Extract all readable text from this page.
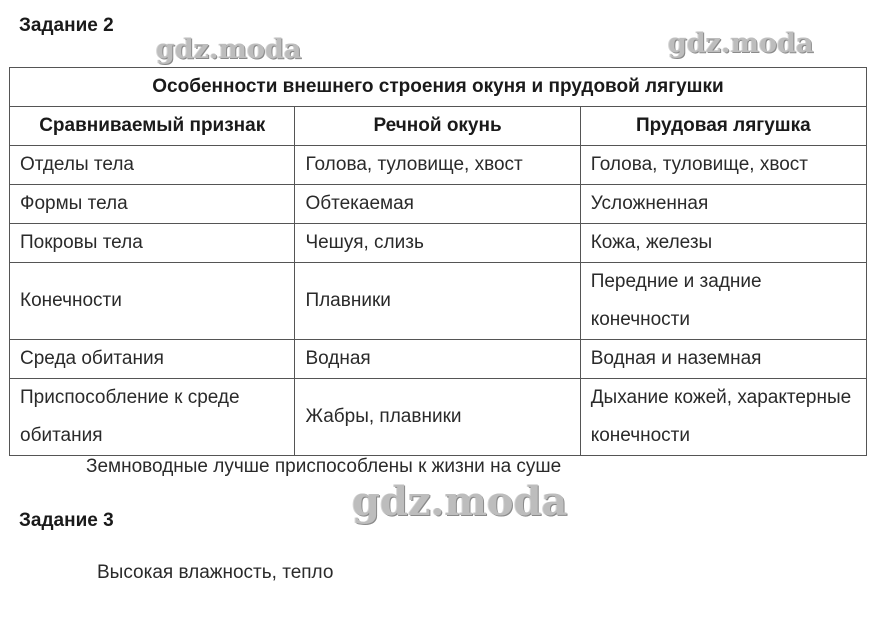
Задание 2
gdz.moda	gdz.moda
Особенности внешнего строения окуня и прудовой лягушки		
Сравниваемый признак	Речной окунь	Прудовая лягушка
Отделы тела	Голова, туловище, хвост	Голова, туловище, хвост
Формы тела	Обтекаемая	Усложненная
Покровы тела	Чешуя, слизь	Кожа, железы
Конечности	Плавники	Передние и задние конечности
Среда обитания	Водная	Водная и наземная
Приспособление к среде обитания	Жабры, плавники	Дыхание кожей, характерные конечности

Земноводные лучше приспособлены к жизни на суше

gdz.moda
Задание 3

Высокая влажность, тепло
